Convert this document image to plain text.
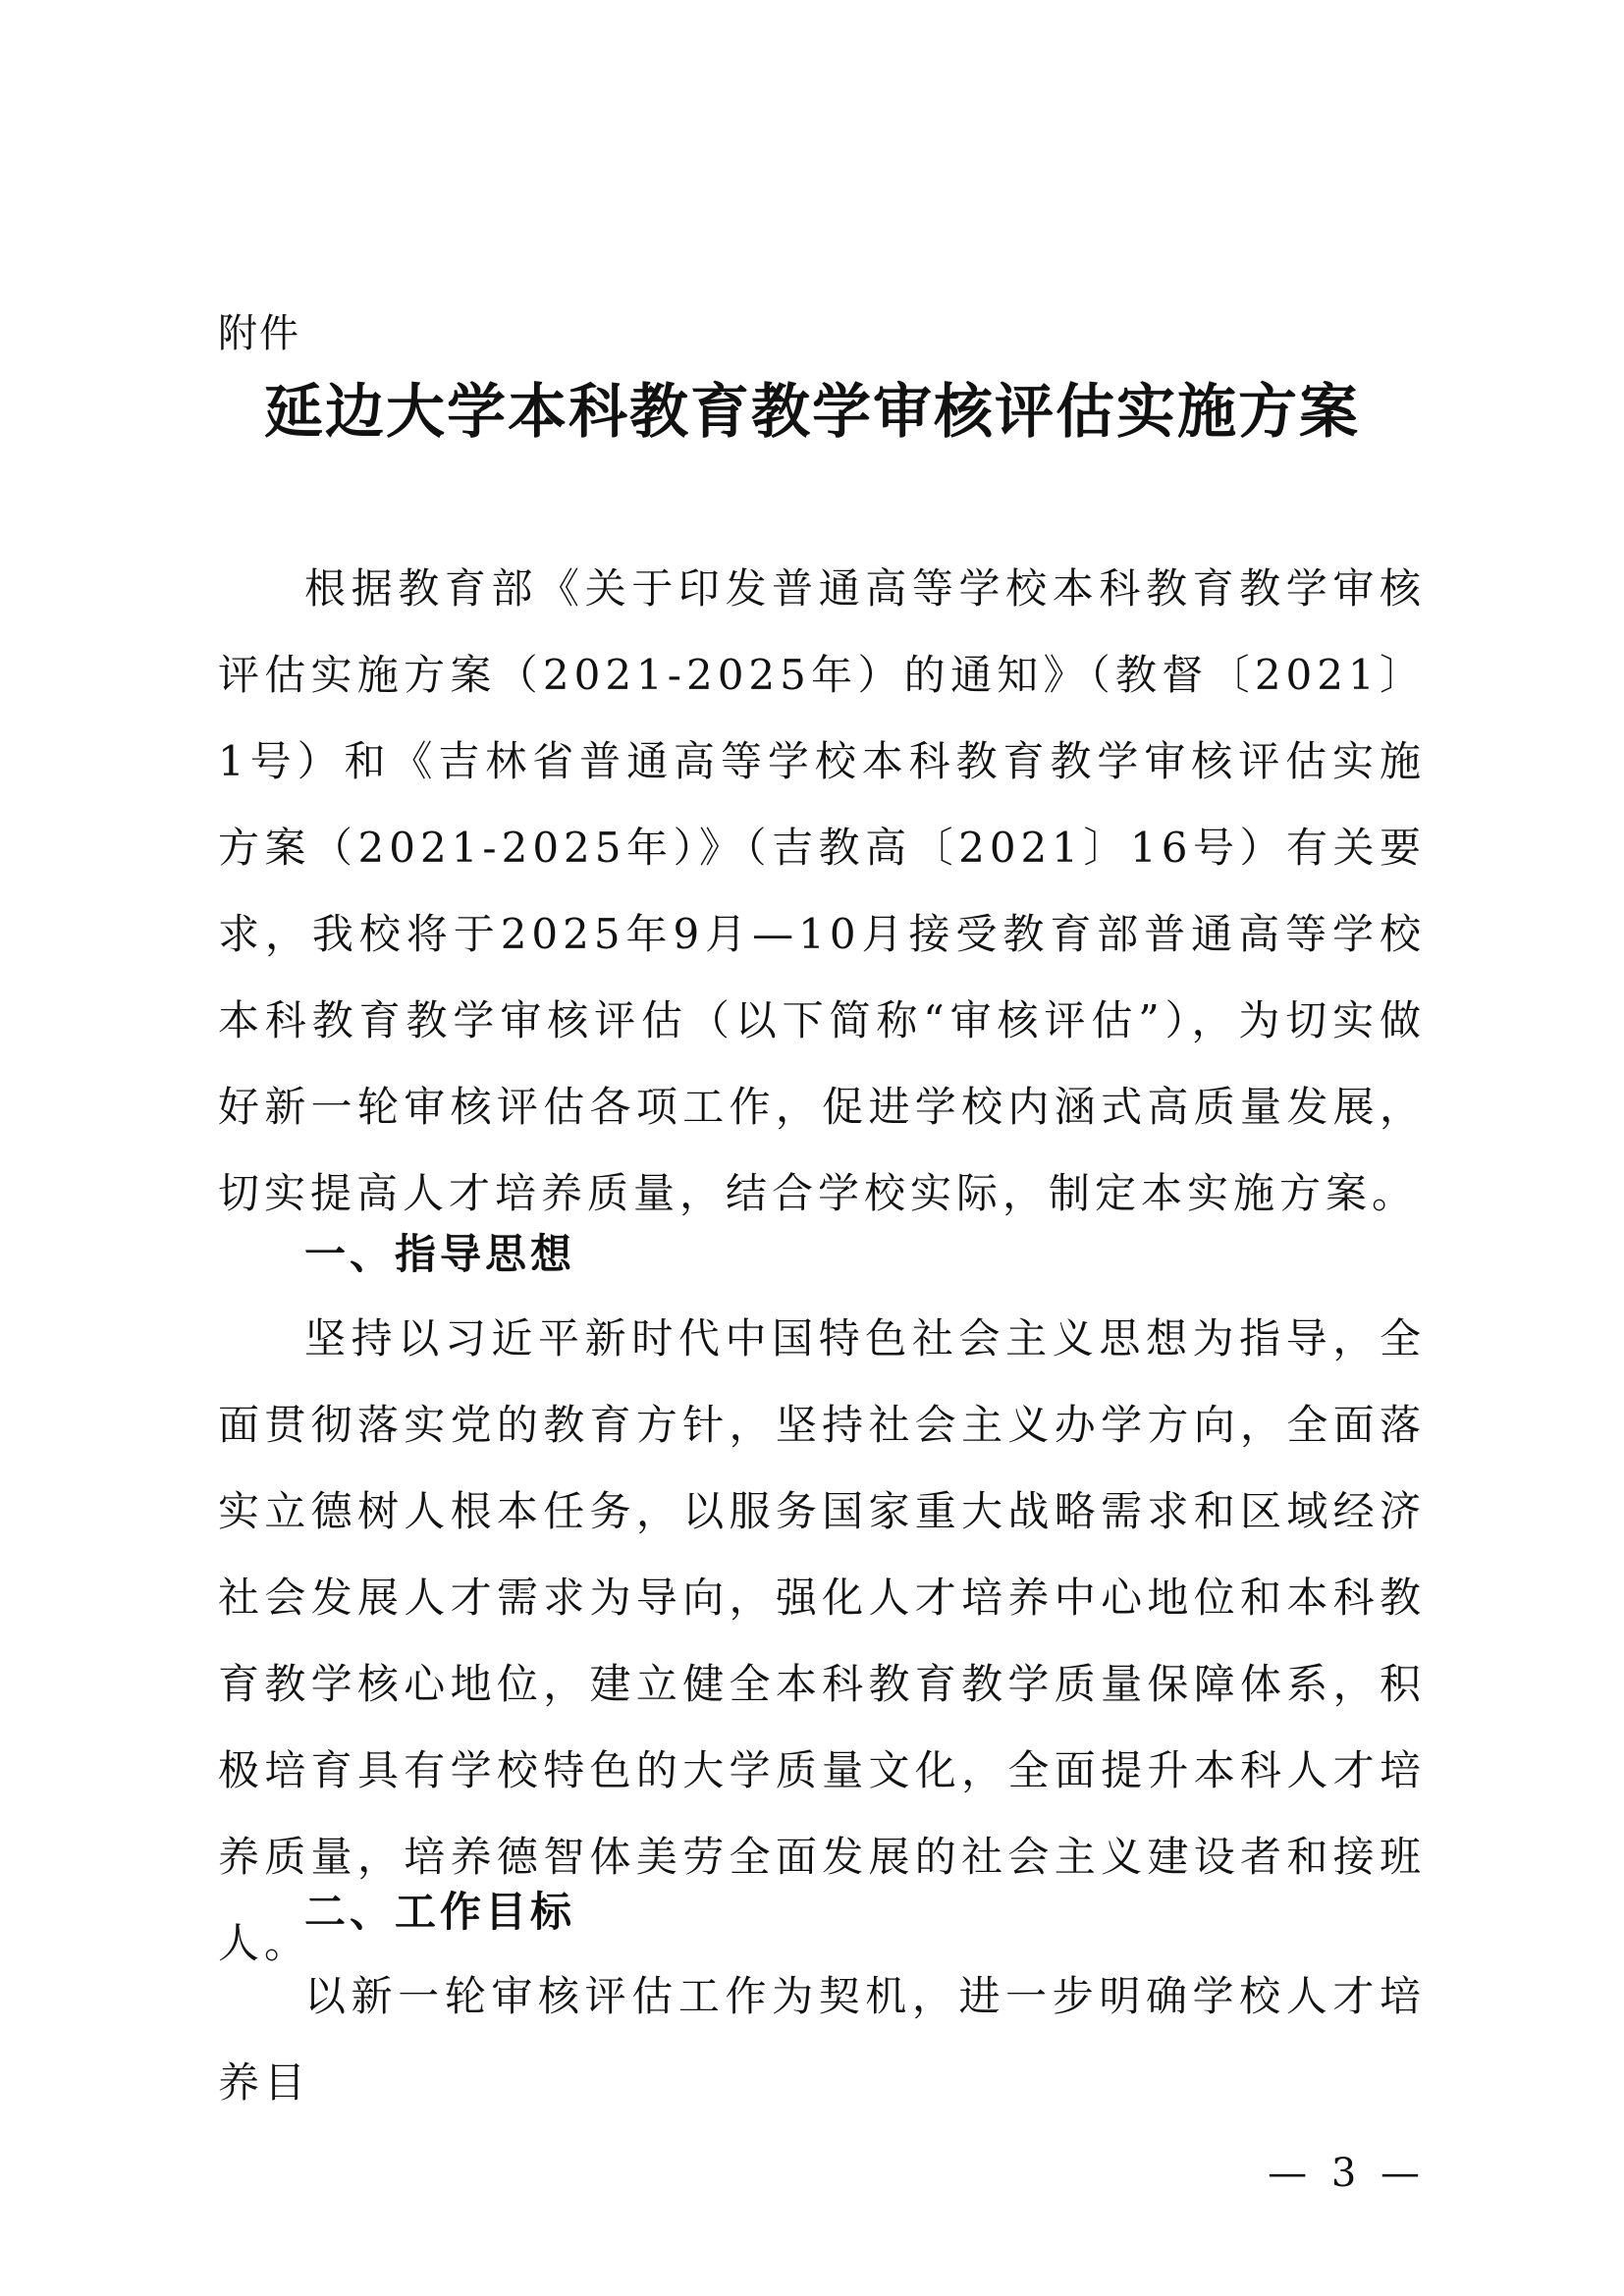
附件
延边大学本科教育教学审核评估实施方案

根据教育部《关于印发普通高等学校本科教育教学审核评估实施方案（2021-2025年）的通知》（教督〔2021〕1号）和《吉林省普通高等学校本科教育教学审核评估实施方案（2021-2025年）》（吉教高〔2021〕16号）有关要求，我校将于2025年9月—10月接受教育部普通高等学校本科教育教学审核评估（以下简称“审核评估”），为切实做好新一轮审核评估各项工作，促进学校内涵式高质量发展，切实提高人才培养质量，结合学校实际，制定本实施方案。

一、指导思想

坚持以习近平新时代中国特色社会主义思想为指导，全面贯彻落实党的教育方针，坚持社会主义办学方向，全面落实立德树人根本任务，以服务国家重大战略需求和区域经济社会发展人才需求为导向，强化人才培养中心地位和本科教育教学核心地位，建立健全本科教育教学质量保障体系，积极培育具有学校特色的大学质量文化，全面提升本科人才培养质量，培养德智体美劳全面发展的社会主义建设者和接班人。

二、工作目标

以新一轮审核评估工作为契机，进一步明确学校人才培养目

— 3 —
